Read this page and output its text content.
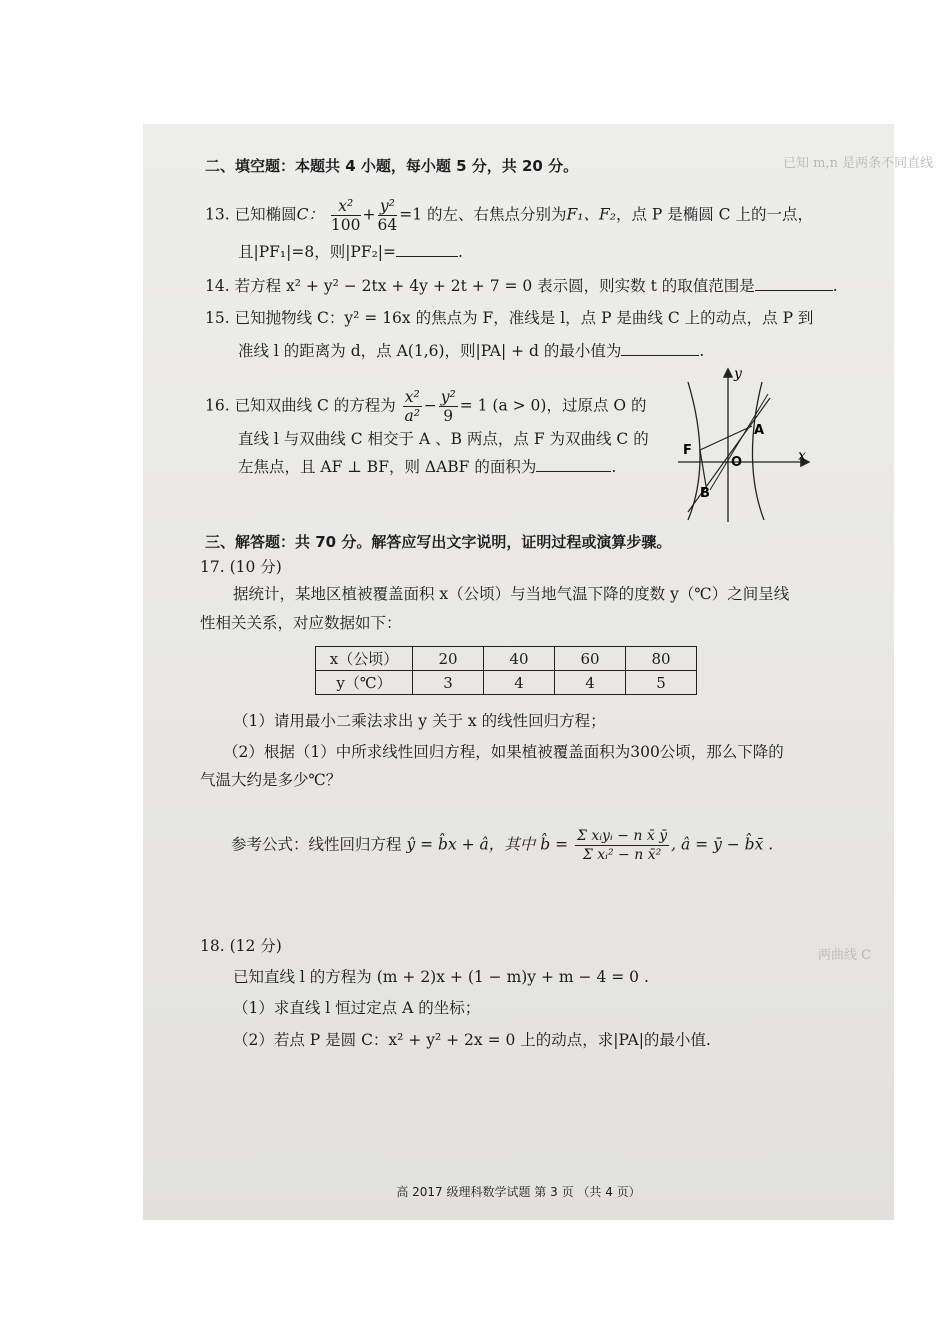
已知 m,n 是两条不同直线
两曲线 C
二、填空题：本题共 4 小题，每小题 5 分，共 20 分。
13. 已知椭圆C： $\frac{\text{x²}}{100} + \frac{\text{y²}}{64} =1$ 的左、右焦点分别为F₁、F₂，点 P 是椭圆 C 上的一点，
且|PF₁|=8，则|PF₂|=	.
14. 若方程 x² + y² − 2tx + 4y + 2t + 7 = 0 表示圆，则实数 t 的取值范围是	.
15. 已知抛物线 C：y² = 16x 的焦点为 F，准线是 l，点 P 是曲线 C 上的动点，点 P 到
准线 l 的距离为 d，点 A(1,6)，则|PA| + d 的最小值为	.
16. 已知双曲线 C 的方程为 $\frac{\text{x²}}{\text{a²}} - \frac{\text{y²}}{9} = 1$ (a > 0)，过原点 O 的
直线 l 与双曲线 C 相交于 A 、B 两点，点 F 为双曲线 C 的
左焦点，且 AF ⊥ BF，则 ΔABF 的面积为	.
y
x
A
B
F
O
三、解答题：共 70 分。解答应写出文字说明，证明过程或演算步骤。
17. (10 分)
据统计，某地区植被覆盖面积 x（公顷）与当地气温下降的度数 y（℃）之间呈线
性相关关系，对应数据如下：
x（公顷）	20	40	60	80
y（℃）	3	4	4	5
（1）请用最小二乘法求出 y 关于 x 的线性回归方程；
（2）根据（1）中所求线性回归方程，如果植被覆盖面积为300公顷，那么下降的
气温大约是多少℃？
参考公式：线性回归方程 ŷ = b̂x + â，其中 b̂ = $\frac{\text{Σ xᵢyᵢ − n x̄ ȳ}}{\text{Σ xᵢ² − n x̄²}}$ , â = ȳ − b̂x̄ .
18. (12 分)
已知直线 l 的方程为 (m + 2)x + (1 − m)y + m − 4 = 0 .
（1）求直线 l 恒过定点 A 的坐标；
（2）若点 P 是圆 C：x² + y² + 2x = 0 上的动点，求|PA|的最小值.
高 2017 级理科数学试题 第 3 页 （共 4 页）
